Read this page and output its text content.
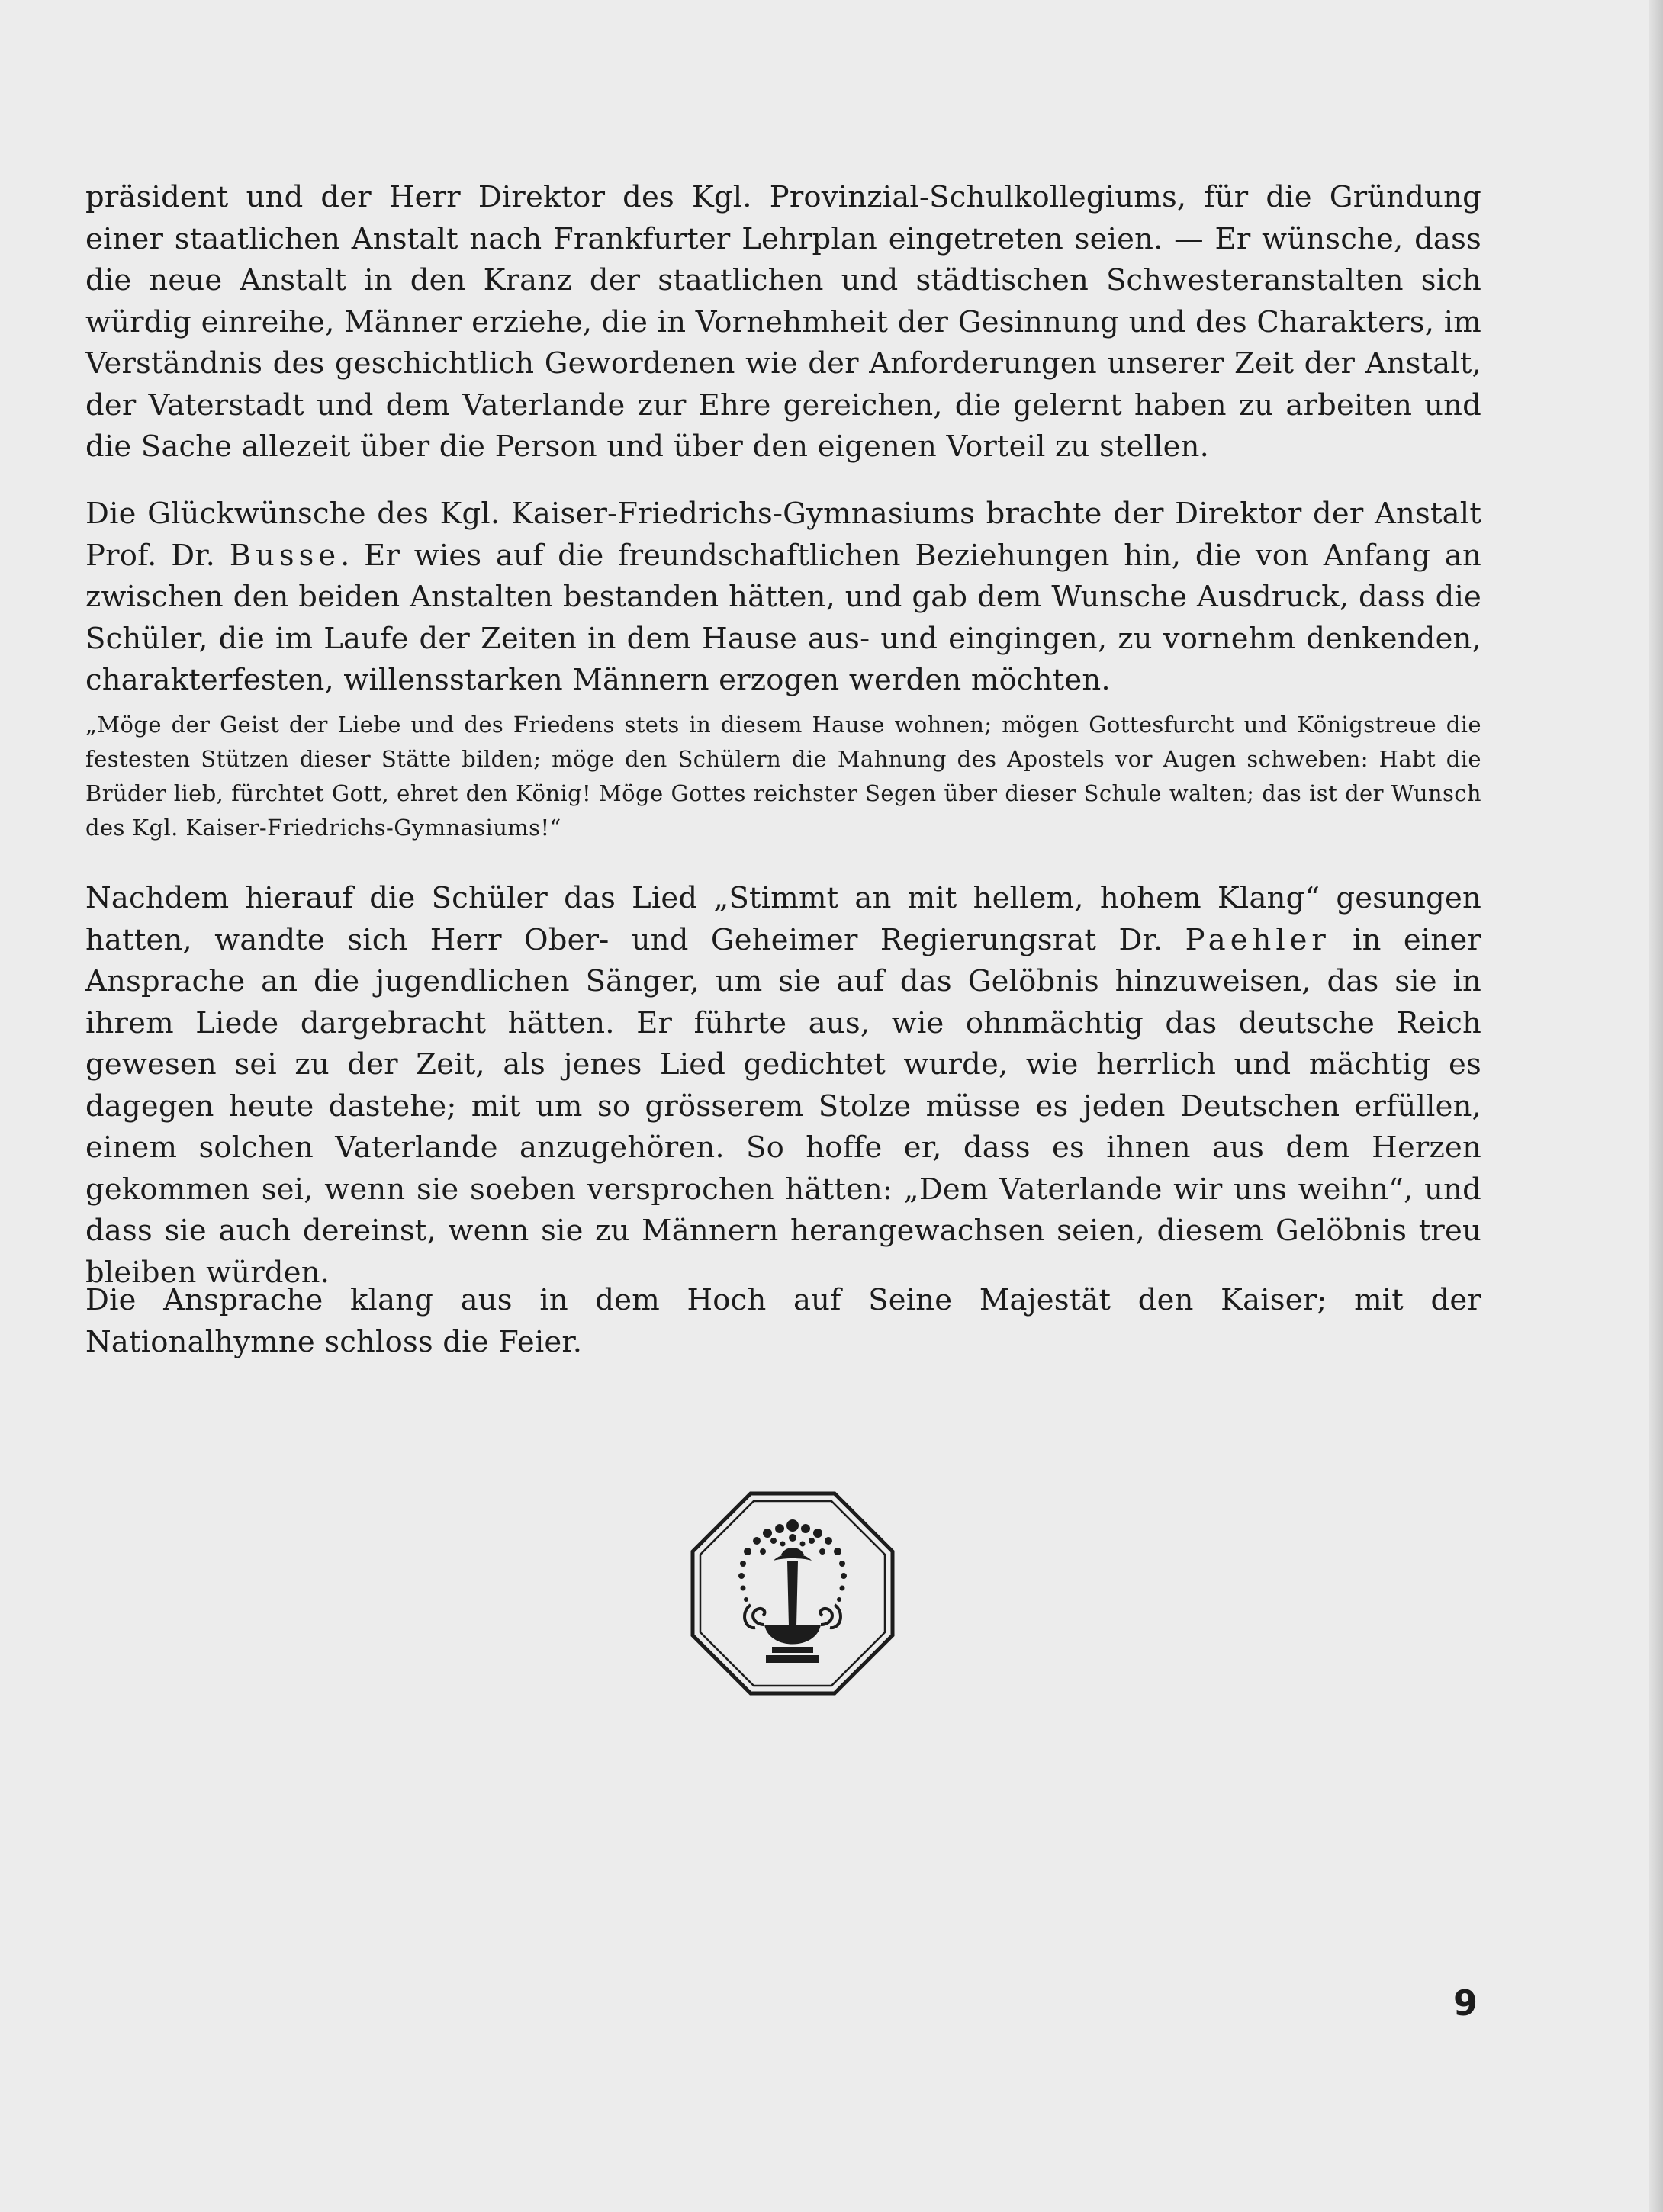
präsident und der Herr Direktor des Kgl. Provinzial-Schulkollegiums, für die Gründung einer staatlichen Anstalt nach Frankfurter Lehrplan eingetreten seien. — Er wünsche, dass die neue Anstalt in den Kranz der staatlichen und städtischen Schwesteranstalten sich würdig einreihe, Männer erziehe, die in Vornehmheit der Gesinnung und des Charakters, im Verständnis des geschichtlich Gewordenen wie der Anforderungen unserer Zeit der Anstalt, der Vaterstadt und dem Vaterlande zur Ehre gereichen, die gelernt haben zu arbeiten und die Sache allezeit über die Person und über den eigenen Vorteil zu stellen.

Die Glückwünsche des Kgl. Kaiser-Friedrichs-Gymnasiums brachte der Direktor der Anstalt Prof. Dr. Busse. Er wies auf die freundschaftlichen Beziehungen hin, die von Anfang an zwischen den beiden Anstalten bestanden hätten, und gab dem Wunsche Ausdruck, dass die Schüler, die im Laufe der Zeiten in dem Hause aus- und eingingen, zu vornehm denkenden, charakterfesten, willensstarken Männern erzogen werden möchten.

„Möge der Geist der Liebe und des Friedens stets in diesem Hause wohnen; mögen Gottesfurcht und Königstreue die festesten Stützen dieser Stätte bilden; möge den Schülern die Mahnung des Apostels vor Augen schweben: Habt die Brüder lieb, fürchtet Gott, ehret den König! Möge Gottes reichster Segen über dieser Schule walten; das ist der Wunsch des Kgl. Kaiser-Friedrichs-Gymnasiums!“

Nachdem hierauf die Schüler das Lied „Stimmt an mit hellem, hohem Klang“ gesungen hatten, wandte sich Herr Ober- und Geheimer Regierungsrat Dr. Paehler in einer Ansprache an die jugendlichen Sänger, um sie auf das Gelöbnis hinzuweisen, das sie in ihrem Liede dargebracht hätten. Er führte aus, wie ohnmächtig das deutsche Reich gewesen sei zu der Zeit, als jenes Lied gedichtet wurde, wie herrlich und mächtig es dagegen heute dastehe; mit um so grösserem Stolze müsse es jeden Deutschen erfüllen, einem solchen Vaterlande anzugehören. So hoffe er, dass es ihnen aus dem Herzen gekommen sei, wenn sie soeben versprochen hätten: „Dem Vaterlande wir uns weihn“, und dass sie auch dereinst, wenn sie zu Männern herangewachsen seien, diesem Gelöbnis treu bleiben würden.

Die Ansprache klang aus in dem Hoch auf Seine Majestät den Kaiser; mit der Nationalhymne schloss die Feier.

9
